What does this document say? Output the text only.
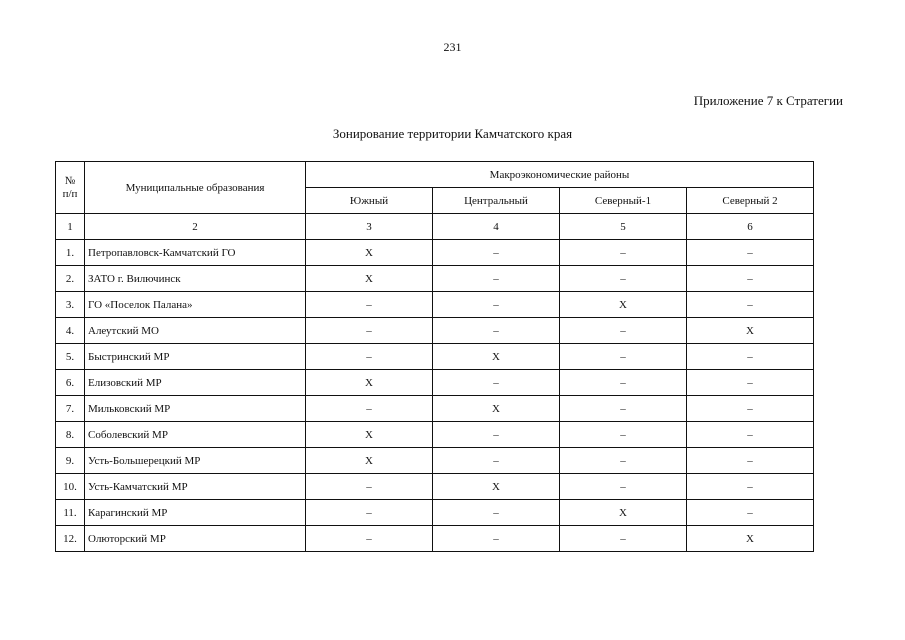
231
Приложение 7 к Стратегии
Зонирование территории Камчатского края
№
п/п	Муниципальные образования	Макроэкономические районы			
		Южный	Центральный	Северный-1	Северный 2
1	2	3	4	5	6
1.	Петропавловск-Камчатский ГО	X	–	–	–
2.	ЗАТО г. Вилючинск	X	–	–	–
3.	ГО «Поселок Палана»	–	–	X	–
4.	Алеутский МО	–	–	–	X
5.	Быстринский МР	–	X	–	–
6.	Елизовский МР	X	–	–	–
7.	Мильковский МР	–	X	–	–
8.	Соболевский МР	X	–	–	–
9.	Усть-Большерецкий МР	X	–	–	–
10.	Усть-Камчатский МР	–	X	–	–
11.	Карагинский МР	–	–	X	–
12.	Олюторский МР	–	–	–	X
